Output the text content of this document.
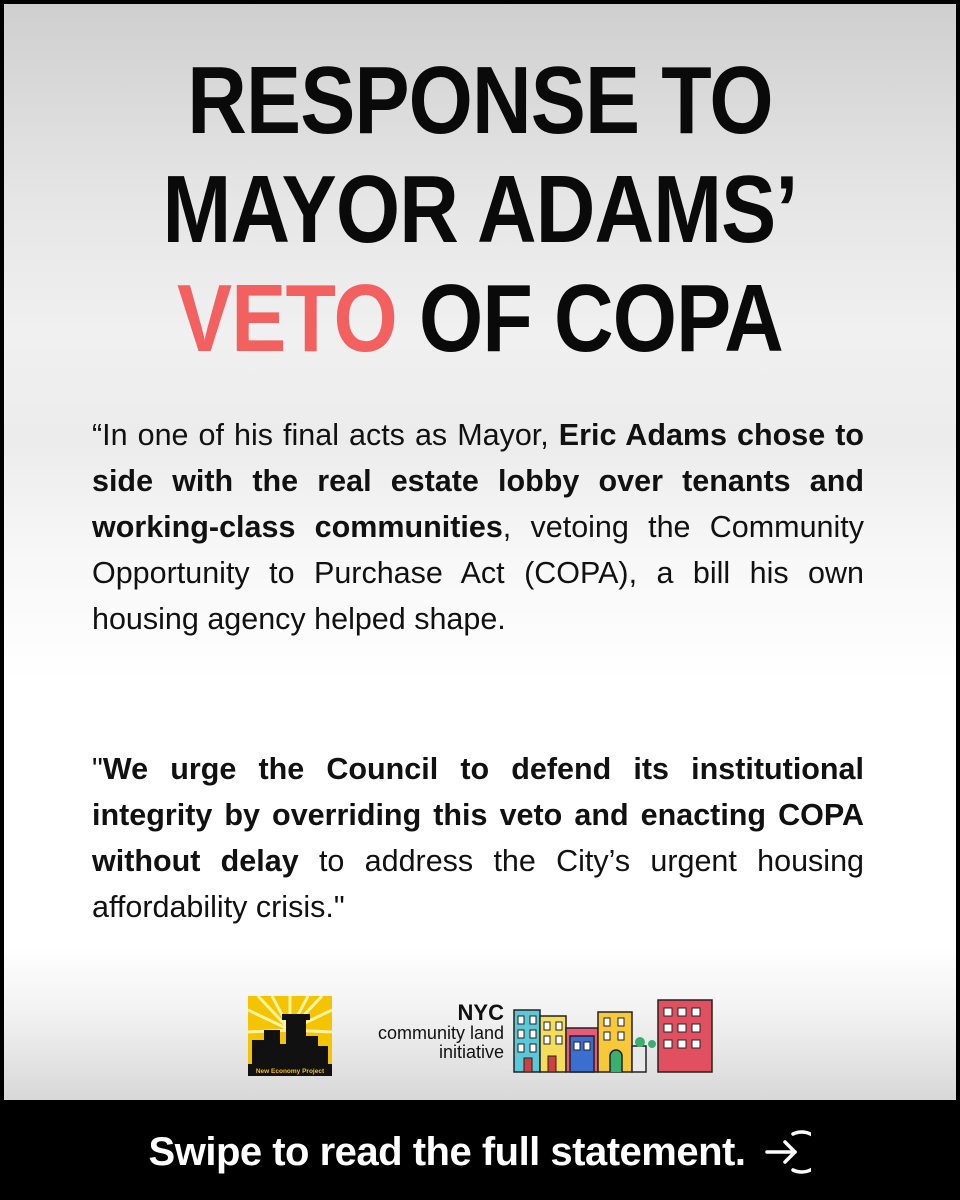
RESPONSE TO
MAYOR ADAMS’
VETO OF COPA

“In one of his final acts as Mayor, Eric Adams chose to side with the real estate lobby over tenants and working-class communities, vetoing the Community Opportunity to Purchase Act (COPA), a bill his own housing agency helped shape.

"We urge the Council to defend its institutional integrity by overriding this veto and enacting COPA without delay to address the City’s urgent housing affordability crisis."

New Economy Project
NYC
community land
initiative
Swipe to read the full statement.
